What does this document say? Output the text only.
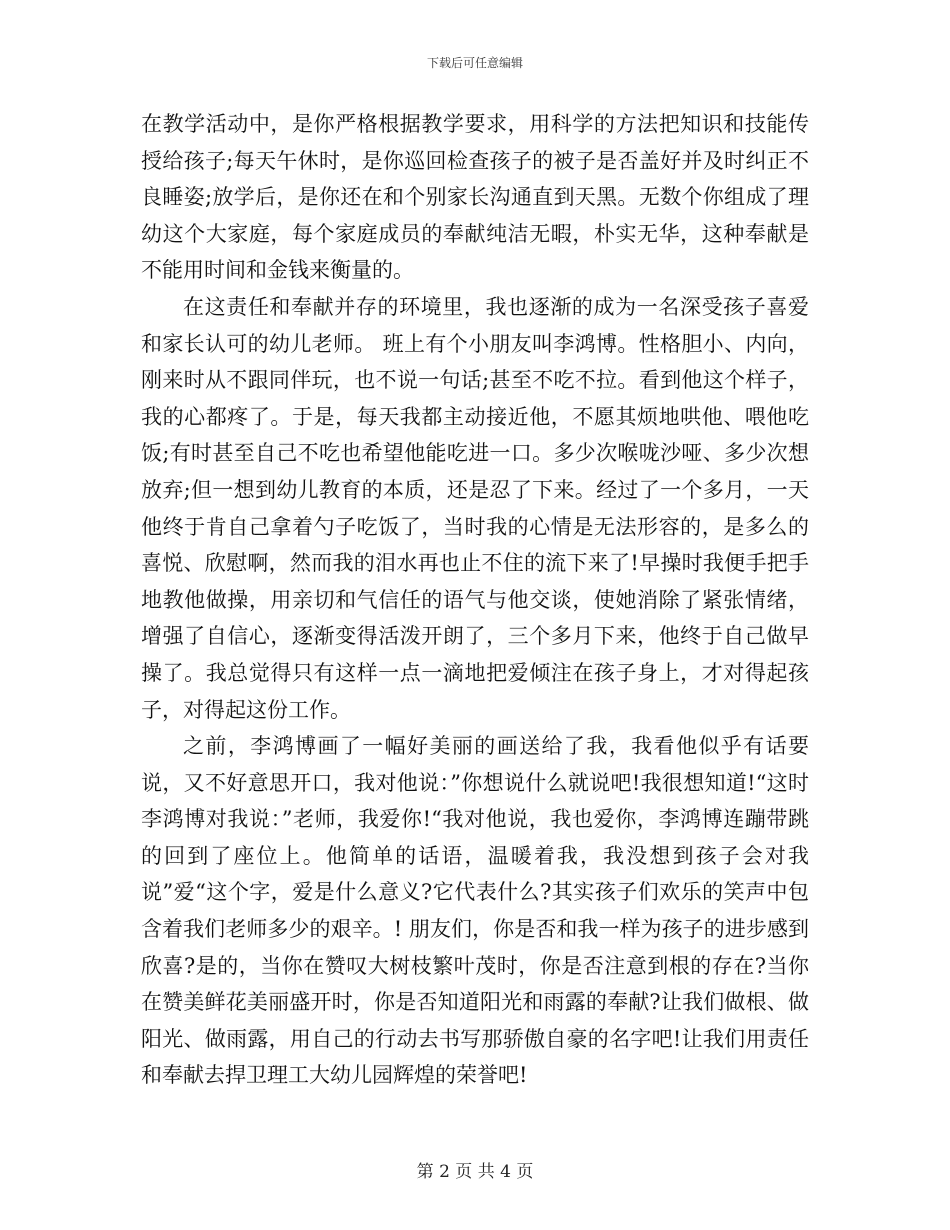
下载后可任意编辑

在教学活动中，是你严格根据教学要求，用科学的方法把知识和技能传授给孩子;每天午休时，是你巡回检查孩子的被子是否盖好并及时纠正不良睡姿;放学后，是你还在和个别家长沟通直到天黑。无数个你组成了理幼这个大家庭，每个家庭成员的奉献纯洁无暇，朴实无华，这种奉献是不能用时间和金钱来衡量的。

在这责任和奉献并存的环境里，我也逐渐的成为一名深受孩子喜爱和家长认可的幼儿老师。 班上有个小朋友叫李鸿博。性格胆小、内向，刚来时从不跟同伴玩，也不说一句话;甚至不吃不拉。看到他这个样子，我的心都疼了。于是，每天我都主动接近他，不愿其烦地哄他、喂他吃饭;有时甚至自己不吃也希望他能吃进一口。多少次喉咙沙哑、多少次想放弃;但一想到幼儿教育的本质，还是忍了下来。经过了一个多月，一天他终于肯自己拿着勺子吃饭了，当时我的心情是无法形容的，是多么的喜悦、欣慰啊，然而我的泪水再也止不住的流下来了!早操时我便手把手地教他做操，用亲切和气信任的语气与他交谈，使她消除了紧张情绪，增强了自信心，逐渐变得活泼开朗了，三个多月下来，他终于自己做早操了。我总觉得只有这样一点一滴地把爱倾注在孩子身上，才对得起孩子，对得起这份工作。

之前，李鸿博画了一幅好美丽的画送给了我，我看他似乎有话要说，又不好意思开口，我对他说：”你想说什么就说吧!我很想知道!“这时李鸿博对我说：”老师，我爱你!“我对他说，我也爱你，李鸿博连蹦带跳的回到了座位上。他简单的话语，温暖着我，我没想到孩子会对我说”爱“这个字，爱是什么意义?它代表什么?其实孩子们欢乐的笑声中包含着我们老师多少的艰辛。! 朋友们，你是否和我一样为孩子的进步感到欣喜?是的，当你在赞叹大树枝繁叶茂时，你是否注意到根的存在?当你在赞美鲜花美丽盛开时，你是否知道阳光和雨露的奉献?让我们做根、做阳光、做雨露，用自己的行动去书写那骄傲自豪的名字吧!让我们用责任和奉献去捍卫理工大幼儿园辉煌的荣誉吧!

第 2 页 共 4 页
